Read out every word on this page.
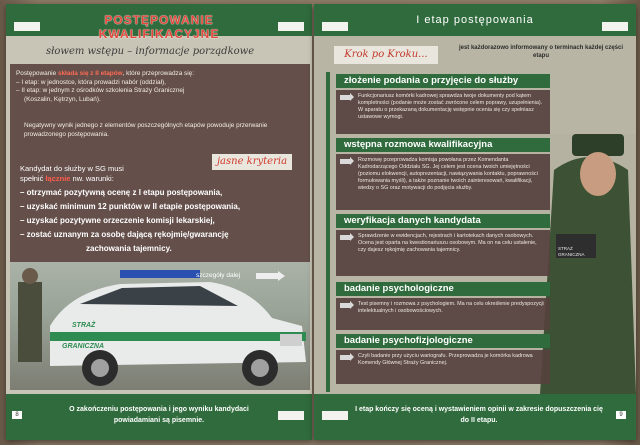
POSTĘPOWANIE KWALIFIKACYJNE
słowem wstępu – informacje porządkowe
Postępowanie składa się z II etapów, które przeprowadza się:
– I etap: w jednostce, która prowadzi nabór (oddział),
– II etap: w jednym z ośrodków szkolenia Straży Granicznej
(Koszalin, Kętrzyn, Lubań).
Negatywny wynik jednego z elementów poszczególnych etapów powoduje przerwanie prowadzonego postępowania.
jasne kryteria
Kandydat do służby w SG musi
spełnić łącznie nw. warunki:
– otrzymać pozytywną ocenę z I etapu postępowania,
– uzyskać minimum 12 punktów w II etapie postępowania,
– uzyskać pozytywne orzeczenie komisji lekarskiej,
– zostać uznanym za osobę dającą rękojmię/gwarancję
zachowania tajemnicy.
STRAŻ
GRANICZNA
szczegóły dalej
8
O zakończeniu postępowania i jego wyniku kandydaci powiadamiani są pisemnie.
I etap postępowania
Krok po Kroku...
jest każdorazowo informowany o terminach każdej części etapu
STRAŻ
GRANICZNA
złożenie podania o przyjęcie do służby
Funkcjonariusz komórki kadrowej sprawdza twoje dokumenty pod kątem kompletności (podanie może zostać zwrócone celem poprawy, uzupełnienia). W aparatu o przekazaną dokumentację wstępnie ocenia się czy spełniasz ustawowe wymogi.
wstępna rozmowa kwalifikacyjna
Rozmowę przeprowadza komisja powołana przez Komendanta Kadrodarzącego Oddziału SG. Jej celem jest ocena twoich umiejętności (poziomu elokwencji, autoprezentacji, nawiązywania kontaktu, poprawności formułowania myśli), a także poznanie twoich zainteresowań, kwalifikacji, wiedzy o SG oraz motywacji do podjęcia służby.
weryfikacja danych kandydata
Sprawdzenie w ewidencjach, rejestrach i kartotekach danych osobowych. Ocena jest oparta na kwestionariuszu osobowym. Ma on na celu ustalenie, czy dajesz rękojmię zachowania tajemnicy.
badanie psychologiczne
Test pisemny i rozmowa z psychologiem. Ma na celu określenie predyspozycji intelektualnych i osobowościowych.
badanie psychofizjologiczne
Czyli badanie przy użyciu wariografu. Przeprowadza je komórka kadrowa Komendy Głównej Straży Granicznej.
9
I etap kończy się oceną i wystawieniem opinii w zakresie dopuszczenia cię do II etapu.
